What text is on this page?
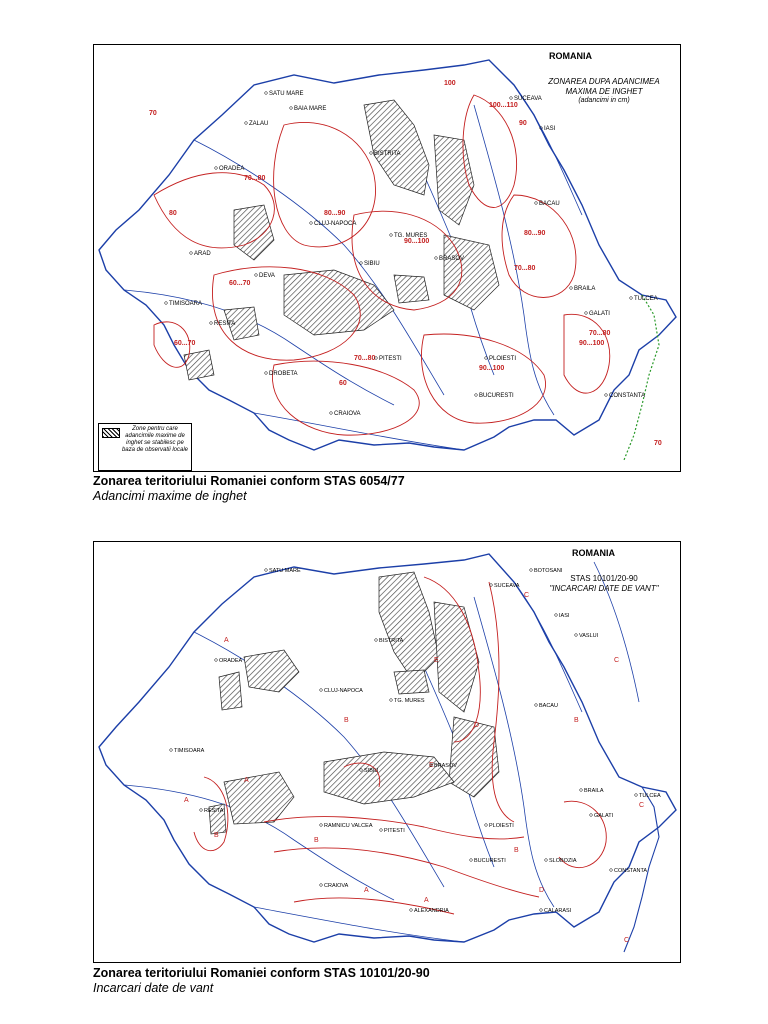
70...80
80...90
90...100
100...110
60...70
70...80
80...90
90...100
60...70
70...80
90...100
100
70
80
60
70...80
90
70
SATU MARE
ORADEA
CLUJ-NAPOCA
TG. MURES
SUCEAVA
BRASOV
SIBIU
DEVA
TIMISOARA
PITESTI	PLOIESTI
BUCURESTI
CRAIOVA
CONSTANTA
IASI
BACAU
GALATI
BRAILA
TULCEA
ZALAU
BAIA MARE
BISTRITA
ARAD
RESITA
DROBETA
ROMANIA
ZONAREA DUPA ADANCIMEA
MAXIMA DE INGHET
(adancimi in cm)
Zone pentru care adancimile maxime de inghet se stabilesc pe baza de observatii locale
Zonarea teritoriului Romaniei conform STAS 6054/77
Adancimi maxime de inghet
A
B
C
D
E
A
B
C
A
B
E
A
B
C
D
A
B
C
SATU MARE
ORADEA
CLUJ-NAPOCA
TG. MURES
SUCEAVA
BOTOSANI
BRASOV
SIBIU
TIMISOARA
PITESTI
PLOIESTI
BUCURESTI
CRAIOVA
CONSTANTA
IASI
VASLUI
BACAU
GALATI
BRAILA
TULCEA
RESITA
BISTRITA
RAMNICU VALCEA
CALARASI
ALEXANDRIA
SLOBOZIA
ROMANIA
STAS 10101/20-90
"INCARCARI DATE DE VANT"
Zonarea teritoriului Romaniei conform STAS 10101/20-90
Incarcari date de vant
